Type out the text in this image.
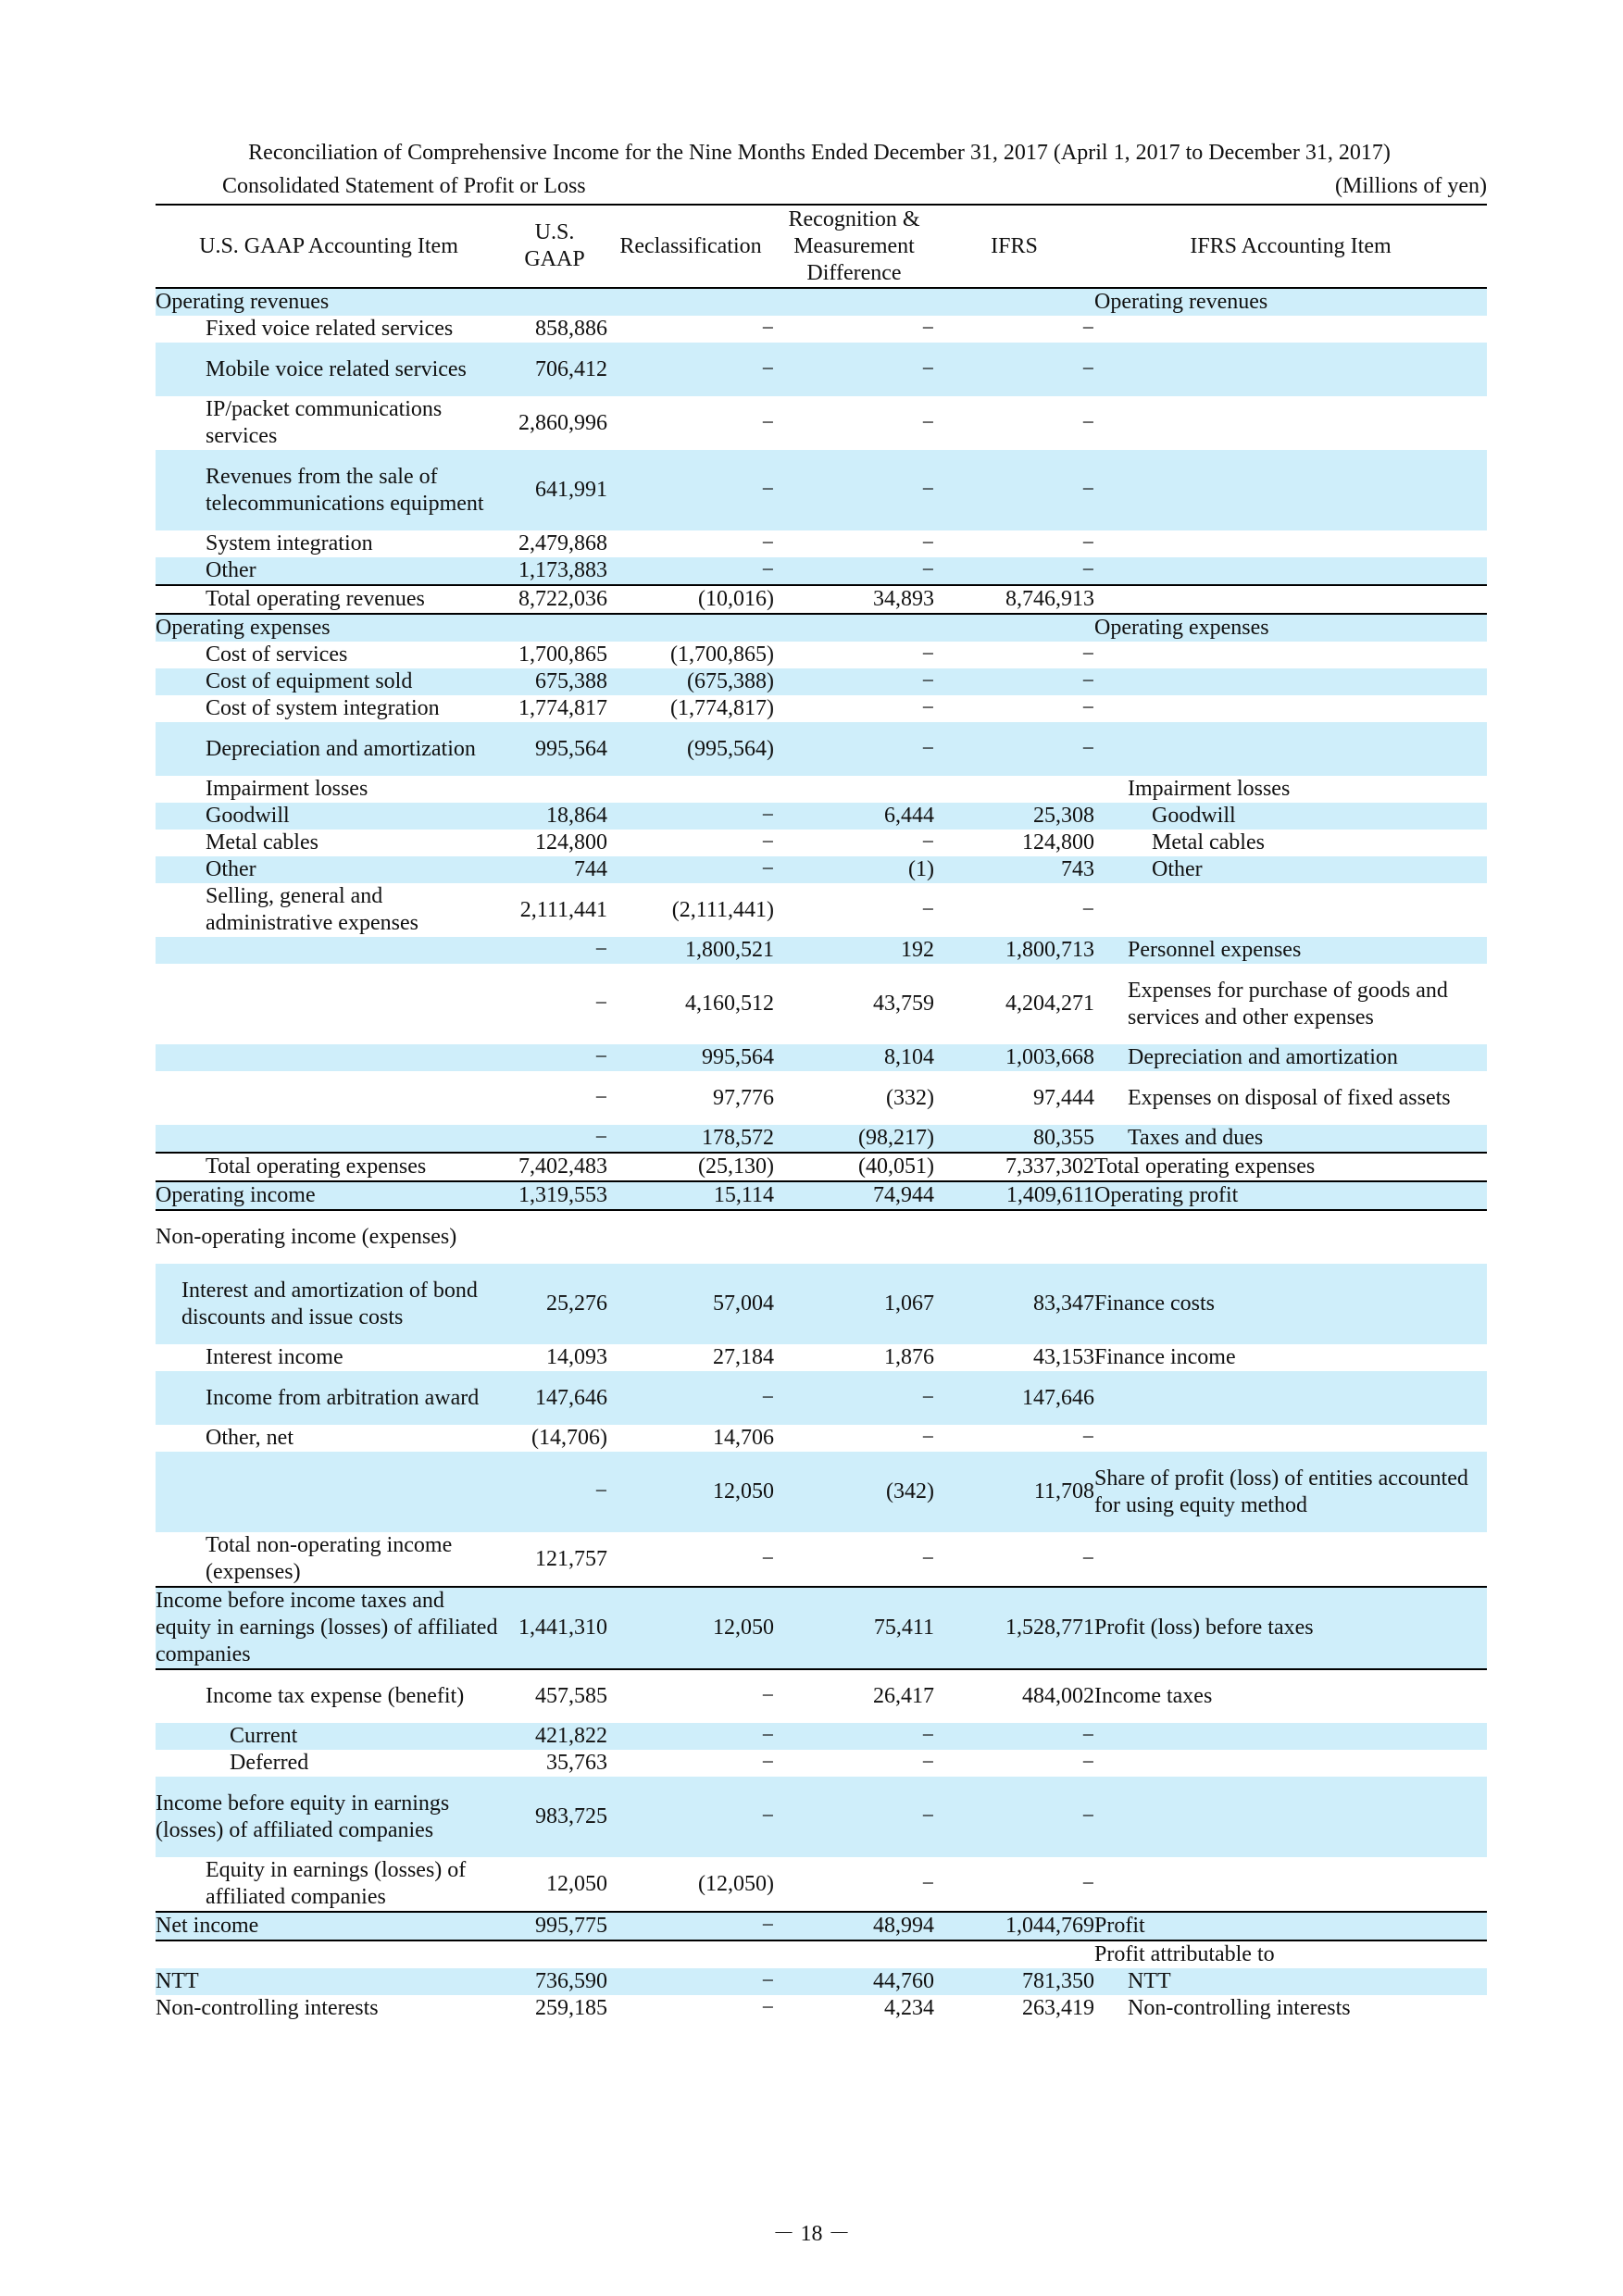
Reconciliation of Comprehensive Income for the Nine Months Ended December 31, 2017 (April 1, 2017 to December 31, 2017)
Consolidated Statement of Profit or Loss	(Millions of yen)
U.S. GAAP Accounting Item	U.S. GAAP	Reclassification	Recognition & Measurement Difference	IFRS	IFRS Accounting Item
Operating revenues					Operating revenues
Fixed voice related services	858,886	−	−	−	
Mobile voice related services	706,412	−	−	−	
IP/packet communications services	2,860,996	−	−	−	
Revenues from the sale of telecommunications equipment	641,991	−	−	−	
System integration	2,479,868	−	−	−	
Other	1,173,883	−	−	−	
Total operating revenues	8,722,036	(10,016)	34,893	8,746,913	
Operating expenses					Operating expenses
Cost of services	1,700,865	(1,700,865)	−	−	
Cost of equipment sold	675,388	(675,388)	−	−	
Cost of system integration	1,774,817	(1,774,817)	−	−	
Depreciation and amortization	995,564	(995,564)	−	−	
Impairment losses					Impairment losses
Goodwill	18,864	−	6,444	25,308	Goodwill
Metal cables	124,800	−	−	124,800	Metal cables
Other	744	−	(1)	743	Other
Selling, general and administrative expenses	2,111,441	(2,111,441)	−	−	
	−	1,800,521	192	1,800,713	Personnel expenses
	−	4,160,512	43,759	4,204,271	Expenses for purchase of goods and services and other expenses
	−	995,564	8,104	1,003,668	Depreciation and amortization
	−	97,776	(332)	97,444	Expenses on disposal of fixed assets
	−	178,572	(98,217)	80,355	Taxes and dues
Total operating expenses	7,402,483	(25,130)	(40,051)	7,337,302	Total operating expenses
Operating income	1,319,553	15,114	74,944	1,409,611	Operating profit
Non-operating income (expenses)					
Interest and amortization of bond discounts and issue costs	25,276	57,004	1,067	83,347	Finance costs
Interest income	14,093	27,184	1,876	43,153	Finance income
Income from arbitration award	147,646	−	−	147,646	
Other, net	(14,706)	14,706	−	−	
	−	12,050	(342)	11,708	Share of profit (loss) of entities accounted for using equity method
Total non-operating income (expenses)	121,757	−	−	−	
Income before income taxes and equity in earnings (losses) of affiliated companies	1,441,310	12,050	75,411	1,528,771	Profit (loss) before taxes
Income tax expense (benefit)	457,585	−	26,417	484,002	Income taxes
Current	421,822	−	−	−	
Deferred	35,763	−	−	−	
Income before equity in earnings (losses) of affiliated companies	983,725	−	−	−	
Equity in earnings (losses) of affiliated companies	12,050	(12,050)	−	−	
Net income	995,775	−	48,994	1,044,769	Profit
					Profit attributable to
NTT	736,590	−	44,760	781,350	NTT
Non-controlling interests	259,185	−	4,234	263,419	Non-controlling interests
－ 18 －
